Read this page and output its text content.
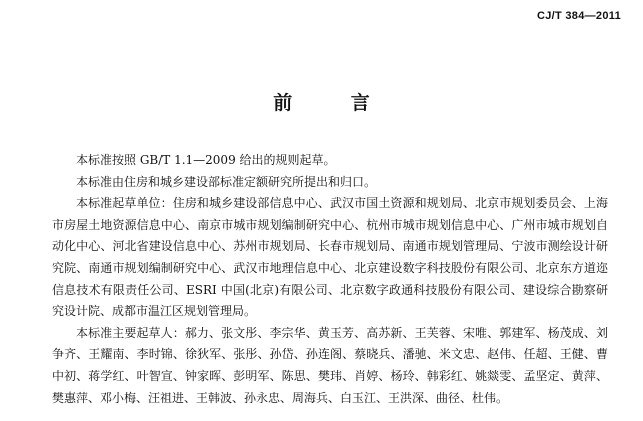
CJ/T 384—2011
前 言

本标准按照 GB/T 1.1—2009 给出的规则起草。

本标准由住房和城乡建设部标准定额研究所提出和归口。

本标准起草单位：住房和城乡建设部信息中心、武汉市国土资源和规划局、北京市规划委员会、上海市房屋土地资源信息中心、南京市城市规划编制研究中心、杭州市城市规划信息中心、广州市城市规划自动化中心、河北省建设信息中心、苏州市规划局、长春市规划局、南通市规划管理局、宁波市测绘设计研究院、南通市规划编制研究中心、武汉市地理信息中心、北京建设数字科技股份有限公司、北京东方道迩信息技术有限责任公司、ESRI 中国(北京)有限公司、北京数字政通科技股份有限公司、建设综合勘察研究设计院、成都市温江区规划管理局。

本标准主要起草人：郝力、张文彤、李宗华、黄玉芳、高苏新、王芙蓉、宋唯、郭建军、杨茂成、刘争齐、王耀南、李时锦、徐狄军、张彤、孙岱、孙连阁、蔡晓兵、潘驰、米文忠、赵伟、任超、王健、曹中初、蒋学红、叶智宣、钟家晖、彭明军、陈思、樊玮、肖婷、杨玲、韩彩红、姚燚雯、孟坚定、黄萍、樊惠萍、邓小梅、汪祖进、王韩波、孙永忠、周海兵、白玉江、王洪深、曲径、杜伟。
